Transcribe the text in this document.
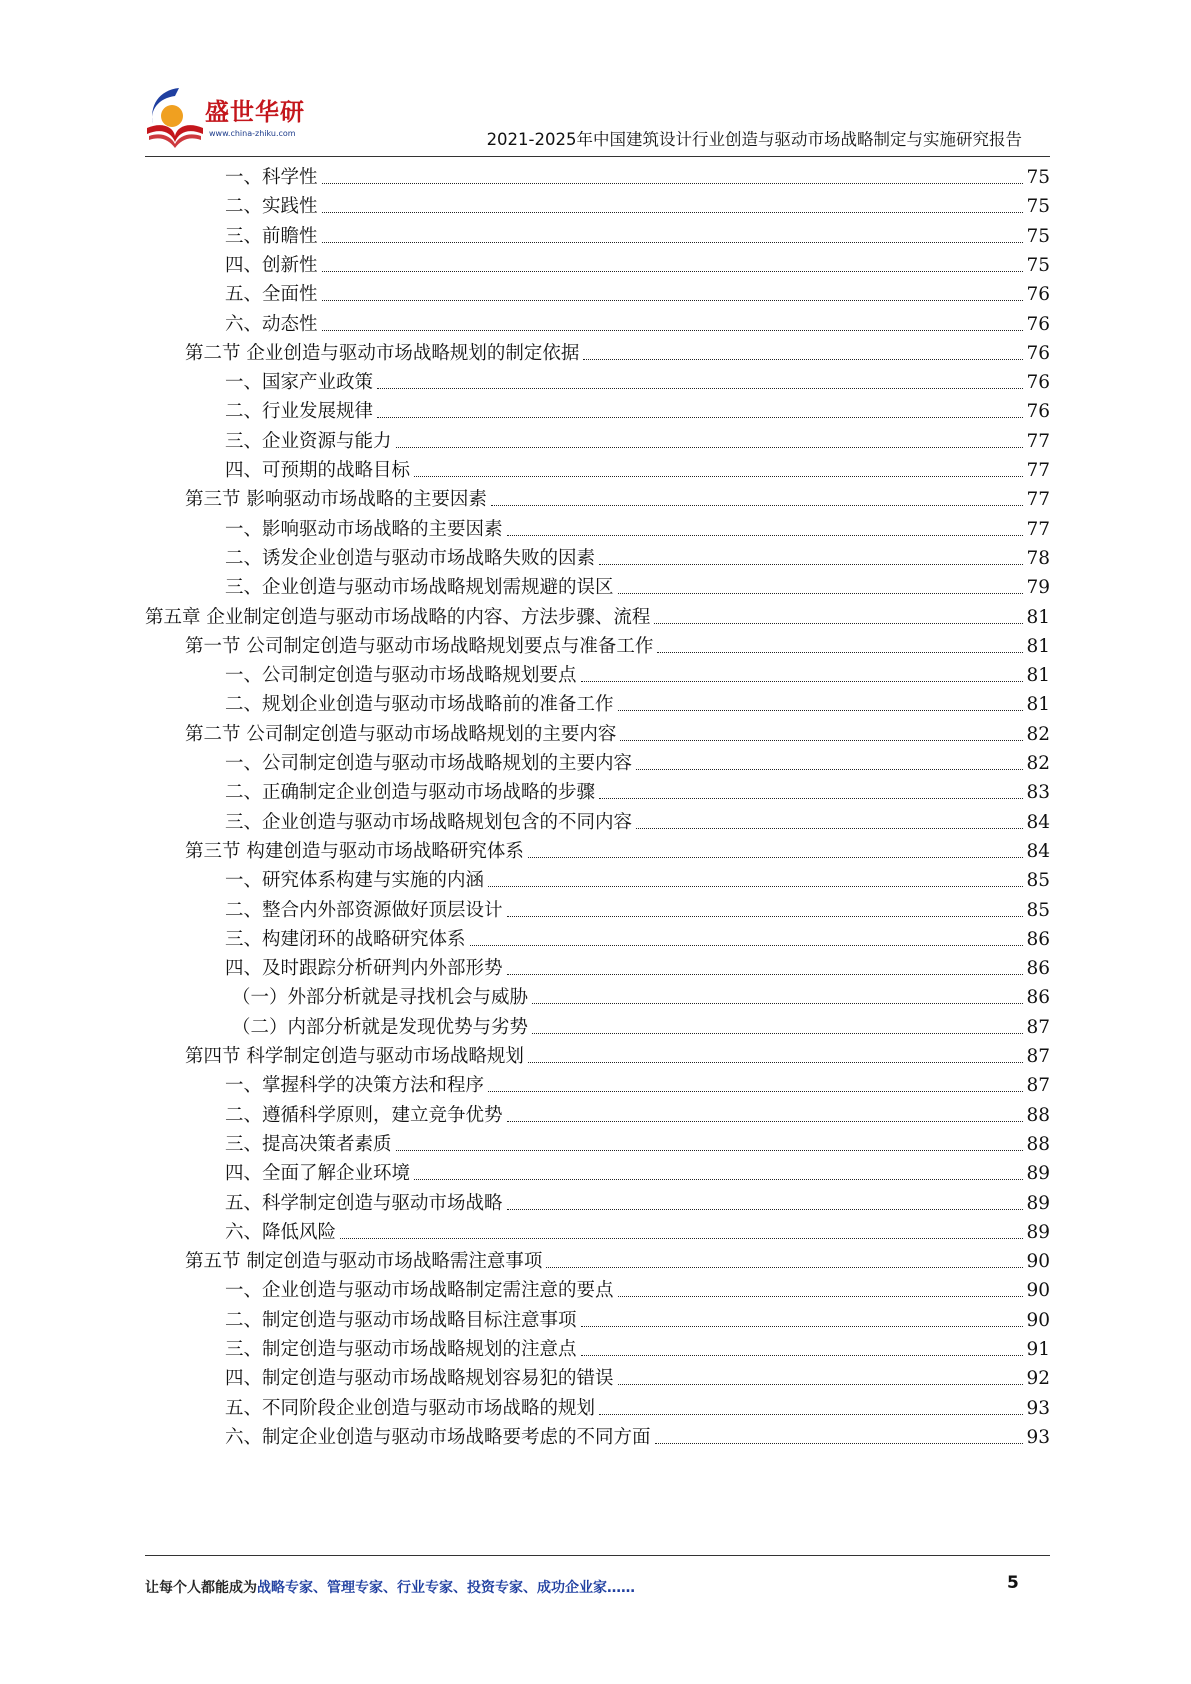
盛世华研
www.china-zhiku.com	2021-2025年中国建筑设计行业创造与驱动市场战略制定与实施研究报告
一、科学性	75
二、实践性	75
三、前瞻性	75
四、创新性	75
五、全面性	76
六、动态性	76
第二节 企业创造与驱动市场战略规划的制定依据	76
一、国家产业政策	76
二、行业发展规律	76
三、企业资源与能力	77
四、可预期的战略目标	77
第三节 影响驱动市场战略的主要因素	77
一、影响驱动市场战略的主要因素	77
二、诱发企业创造与驱动市场战略失败的因素	78
三、企业创造与驱动市场战略规划需规避的误区	79
第五章 企业制定创造与驱动市场战略的内容、方法步骤、流程	81
第一节 公司制定创造与驱动市场战略规划要点与准备工作	81
一、公司制定创造与驱动市场战略规划要点	81
二、规划企业创造与驱动市场战略前的准备工作	81
第二节 公司制定创造与驱动市场战略规划的主要内容	82
一、公司制定创造与驱动市场战略规划的主要内容	82
二、正确制定企业创造与驱动市场战略的步骤	83
三、企业创造与驱动市场战略规划包含的不同内容	84
第三节 构建创造与驱动市场战略研究体系	84
一、研究体系构建与实施的内涵	85
二、整合内外部资源做好顶层设计	85
三、构建闭环的战略研究体系	86
四、及时跟踪分析研判内外部形势	86
（一）外部分析就是寻找机会与威胁	86
（二）内部分析就是发现优势与劣势	87
第四节 科学制定创造与驱动市场战略规划	87
一、掌握科学的决策方法和程序	87
二、遵循科学原则，建立竞争优势	88
三、提高决策者素质	88
四、全面了解企业环境	89
五、科学制定创造与驱动市场战略	89
六、降低风险	89
第五节 制定创造与驱动市场战略需注意事项	90
一、企业创造与驱动市场战略制定需注意的要点	90
二、制定创造与驱动市场战略目标注意事项	90
三、制定创造与驱动市场战略规划的注意点	91
四、制定创造与驱动市场战略规划容易犯的错误	92
五、不同阶段企业创造与驱动市场战略的规划	93
六、制定企业创造与驱动市场战略要考虑的不同方面	93
让每个人都能成为战略专家、管理专家、行业专家、投资专家、成功企业家……	5
